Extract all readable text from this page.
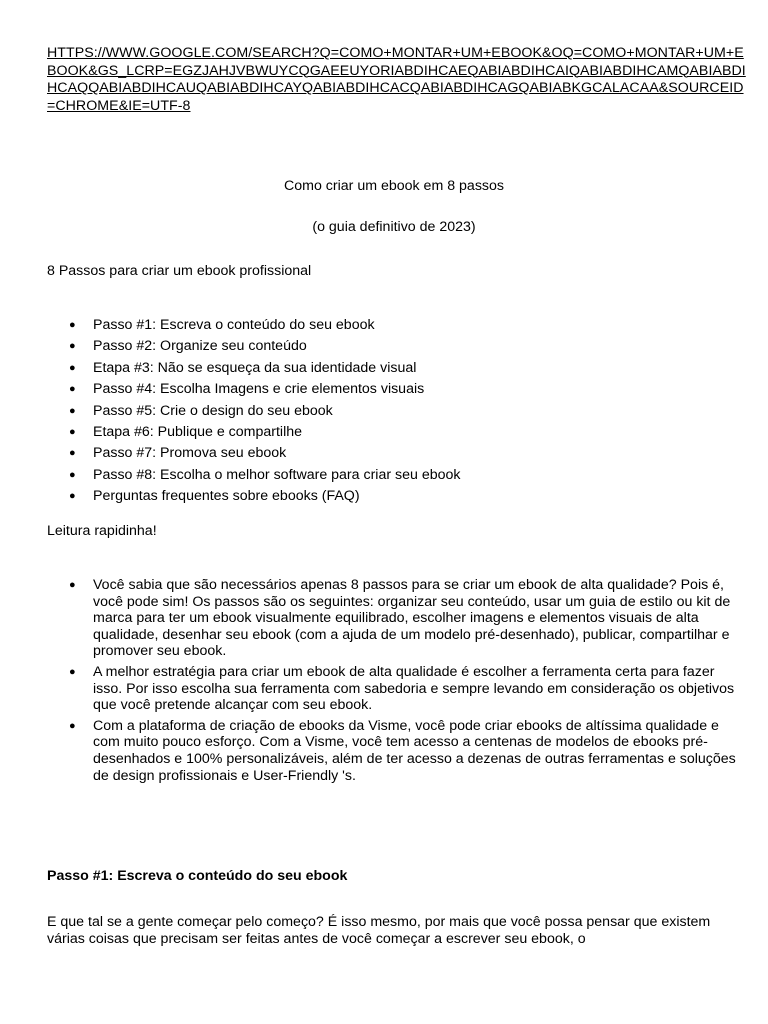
HTTPS://WWW.GOOGLE.COM/SEARCH?Q=COMO+MONTAR+UM+EBOOK&OQ=COMO+MONTAR+UM+EBOOK&GS_LCRP=EGZJAHJVBWUYCQGAEEUYORIABDIHCAEQABIABDIHCAIQABIABDIHCAMQABIABDIHCAQQABIABDIHCAUQABIABDIHCAYQABIABDIHCACQABIABDIHCAGQABIABKGCALACAA&SOURCEID=CHROME&IE=UTF-8
Como criar um ebook em 8 passos
(o guia definitivo de 2023)
8 Passos para criar um ebook profissional
● Passo #1: Escreva o conteúdo do seu ebook
● Passo #2: Organize seu conteúdo
● Etapa #3: Não se esqueça da sua identidade visual
● Passo #4: Escolha Imagens e crie elementos visuais
● Passo #5: Crie o design do seu ebook
● Etapa #6: Publique e compartilhe
● Passo #7: Promova seu ebook
● Passo #8: Escolha o melhor software para criar seu ebook
● Perguntas frequentes sobre ebooks (FAQ)
Leitura rapidinha!
● Você sabia que são necessários apenas 8 passos para se criar um ebook de alta qualidade? Pois é, você pode sim! Os passos são os seguintes: organizar seu conteúdo, usar um guia de estilo ou kit de marca para ter um ebook visualmente equilibrado, escolher imagens e elementos visuais de alta qualidade, desenhar seu ebook (com a ajuda de um modelo pré-desenhado), publicar, compartilhar e promover seu ebook.
● A melhor estratégia para criar um ebook de alta qualidade é escolher a ferramenta certa para fazer isso. Por isso escolha sua ferramenta com sabedoria e sempre levando em consideração os objetivos que você pretende alcançar com seu ebook.
● Com a plataforma de criação de ebooks da Visme, você pode criar ebooks de altíssima qualidade e com muito pouco esforço. Com a Visme, você tem acesso a centenas de modelos de ebooks pré-desenhados e 100% personalizáveis, além de ter acesso a dezenas de outras ferramentas e soluções de design profissionais e User-Friendly 's.
Passo #1: Escreva o conteúdo do seu ebook
E que tal se a gente começar pelo começo? É isso mesmo, por mais que você possa pensar que existem várias coisas que precisam ser feitas antes de você começar a escrever seu ebook, o
